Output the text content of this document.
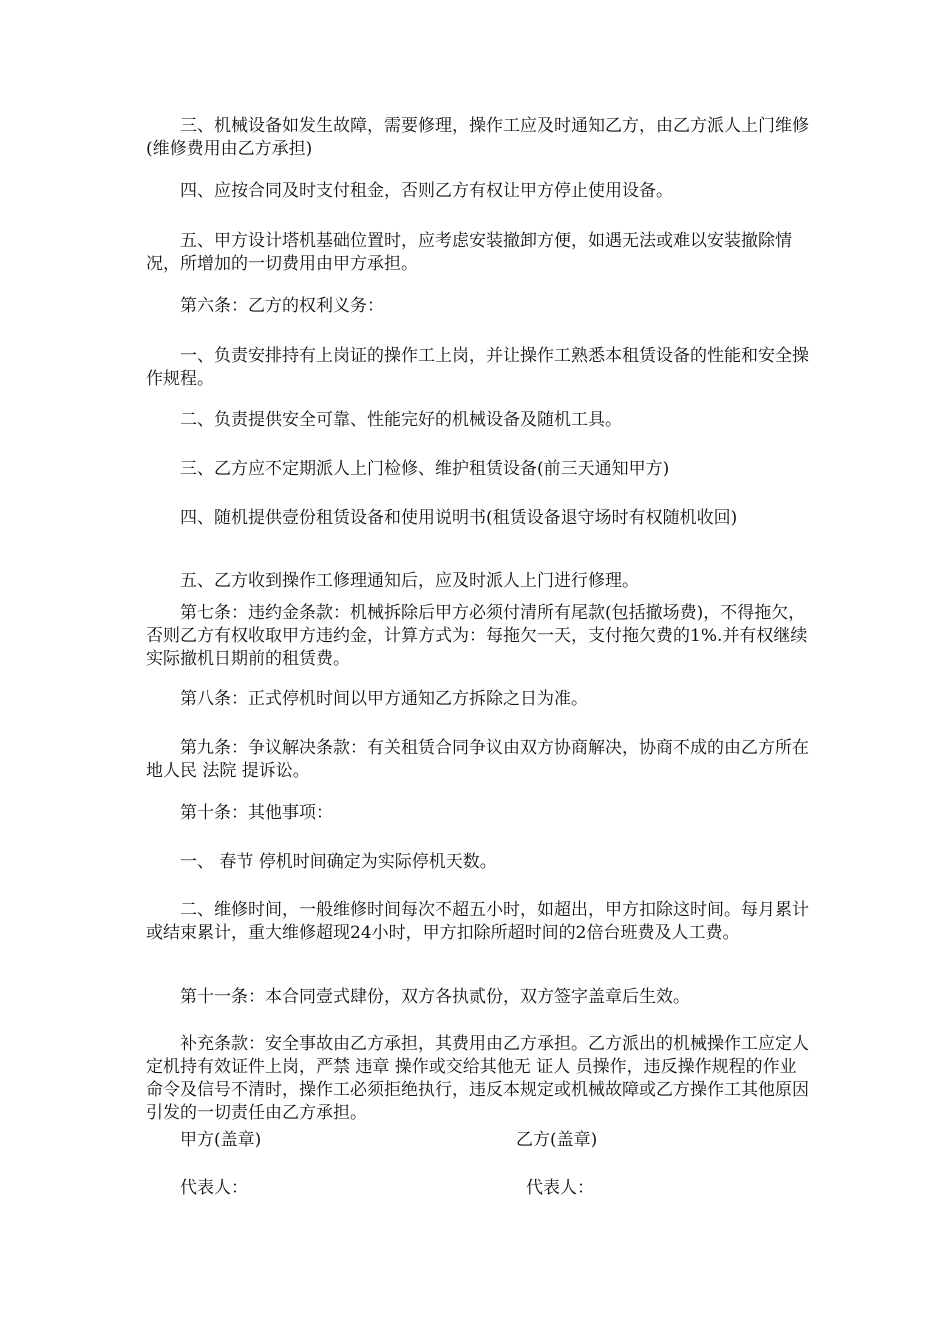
三、机械设备如发生故障，需要修理，操作工应及时通知乙方，由乙方派人上门维修(维修费用由乙方承担)

四、应按合同及时支付租金，否则乙方有权让甲方停止使用设备。

五、甲方设计塔机基础位置时，应考虑安装撤卸方便，如遇无法或难以安装撤除情况，所增加的一切费用由甲方承担。

第六条：乙方的权利义务：

一、负责安排持有上岗证的操作工上岗，并让操作工熟悉本租赁设备的性能和安全操作规程。

二、负责提供安全可靠、性能完好的机械设备及随机工具。

三、乙方应不定期派人上门检修、维护租赁设备(前三天通知甲方)

四、随机提供壹份租赁设备和使用说明书(租赁设备退守场时有权随机收回)

五、乙方收到操作工修理通知后，应及时派人上门进行修理。

第七条：违约金条款：机械拆除后甲方必须付清所有尾款(包括撤场费)，不得拖欠，否则乙方有权收取甲方违约金，计算方式为：每拖欠一天，支付拖欠费的1%.并有权继续实际撤机日期前的租赁费。

第八条：正式停机时间以甲方通知乙方拆除之日为准。

第九条：争议解决条款：有关租赁合同争议由双方协商解决，协商不成的由乙方所在地人民 法院 提诉讼。

第十条：其他事项：

一、 春节 停机时间确定为实际停机天数。

二、维修时间，一般维修时间每次不超五小时，如超出，甲方扣除这时间。每月累计或结束累计，重大维修超现24小时，甲方扣除所超时间的2倍台班费及人工费。

第十一条：本合同壹式肆份，双方各执贰份，双方签字盖章后生效。

补充条款：安全事故由乙方承担，其费用由乙方承担。乙方派出的机械操作工应定人定机持有效证件上岗，严禁 违章 操作或交给其他无 证人 员操作，违反操作规程的作业命令及信号不清时，操作工必须拒绝执行，违反本规定或机械故障或乙方操作工其他原因引发的一切责任由乙方承担。

甲方(盖章)	乙方(盖章)
代表人：	代表人：
